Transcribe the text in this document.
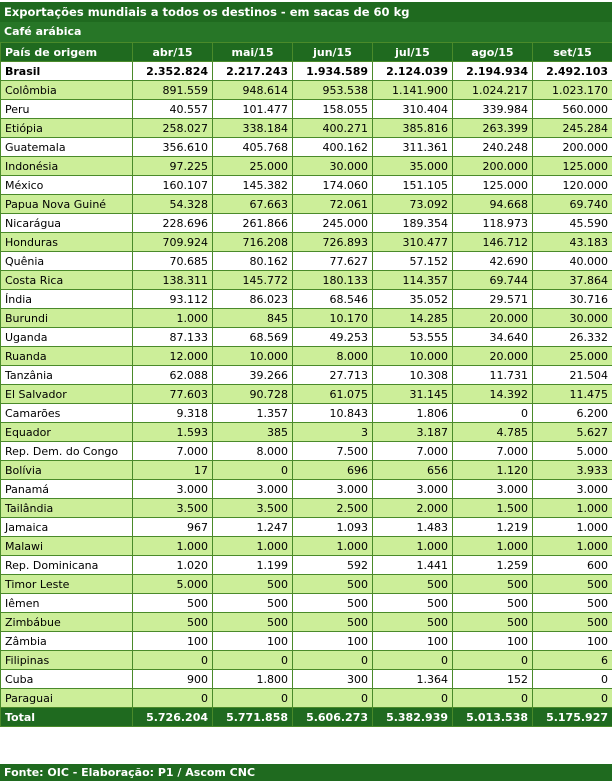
Exportações mundiais a todos os destinos - em sacas de 60 kg
Café arábica
País de origem	abr/15	mai/15	jun/15	jul/15	ago/15	set/15
Brasil	2.352.824	2.217.243	1.934.589	2.124.039	2.194.934	2.492.103
Colômbia	891.559	948.614	953.538	1.141.900	1.024.217	1.023.170
Peru	40.557	101.477	158.055	310.404	339.984	560.000
Etiópia	258.027	338.184	400.271	385.816	263.399	245.284
Guatemala	356.610	405.768	400.162	311.361	240.248	200.000
Indonésia	97.225	25.000	30.000	35.000	200.000	125.000
México	160.107	145.382	174.060	151.105	125.000	120.000
Papua Nova Guiné	54.328	67.663	72.061	73.092	94.668	69.740
Nicarágua	228.696	261.866	245.000	189.354	118.973	45.590
Honduras	709.924	716.208	726.893	310.477	146.712	43.183
Quênia	70.685	80.162	77.627	57.152	42.690	40.000
Costa Rica	138.311	145.772	180.133	114.357	69.744	37.864
Índia	93.112	86.023	68.546	35.052	29.571	30.716
Burundi	1.000	845	10.170	14.285	20.000	30.000
Uganda	87.133	68.569	49.253	53.555	34.640	26.332
Ruanda	12.000	10.000	8.000	10.000	20.000	25.000
Tanzânia	62.088	39.266	27.713	10.308	11.731	21.504
El Salvador	77.603	90.728	61.075	31.145	14.392	11.475
Camarões	9.318	1.357	10.843	1.806	0	6.200
Equador	1.593	385	3	3.187	4.785	5.627
Rep. Dem. do Congo	7.000	8.000	7.500	7.000	7.000	5.000
Bolívia	17	0	696	656	1.120	3.933
Panamá	3.000	3.000	3.000	3.000	3.000	3.000
Tailândia	3.500	3.500	2.500	2.000	1.500	1.000
Jamaica	967	1.247	1.093	1.483	1.219	1.000
Malawi	1.000	1.000	1.000	1.000	1.000	1.000
Rep. Dominicana	1.020	1.199	592	1.441	1.259	600
Timor Leste	5.000	500	500	500	500	500
Iêmen	500	500	500	500	500	500
Zimbábue	500	500	500	500	500	500
Zâmbia	100	100	100	100	100	100
Filipinas	0	0	0	0	0	6
Cuba	900	1.800	300	1.364	152	0
Paraguai	0	0	0	0	0	0
Total	5.726.204	5.771.858	5.606.273	5.382.939	5.013.538	5.175.927
Fonte: OIC - Elaboração: P1 / Ascom CNC
